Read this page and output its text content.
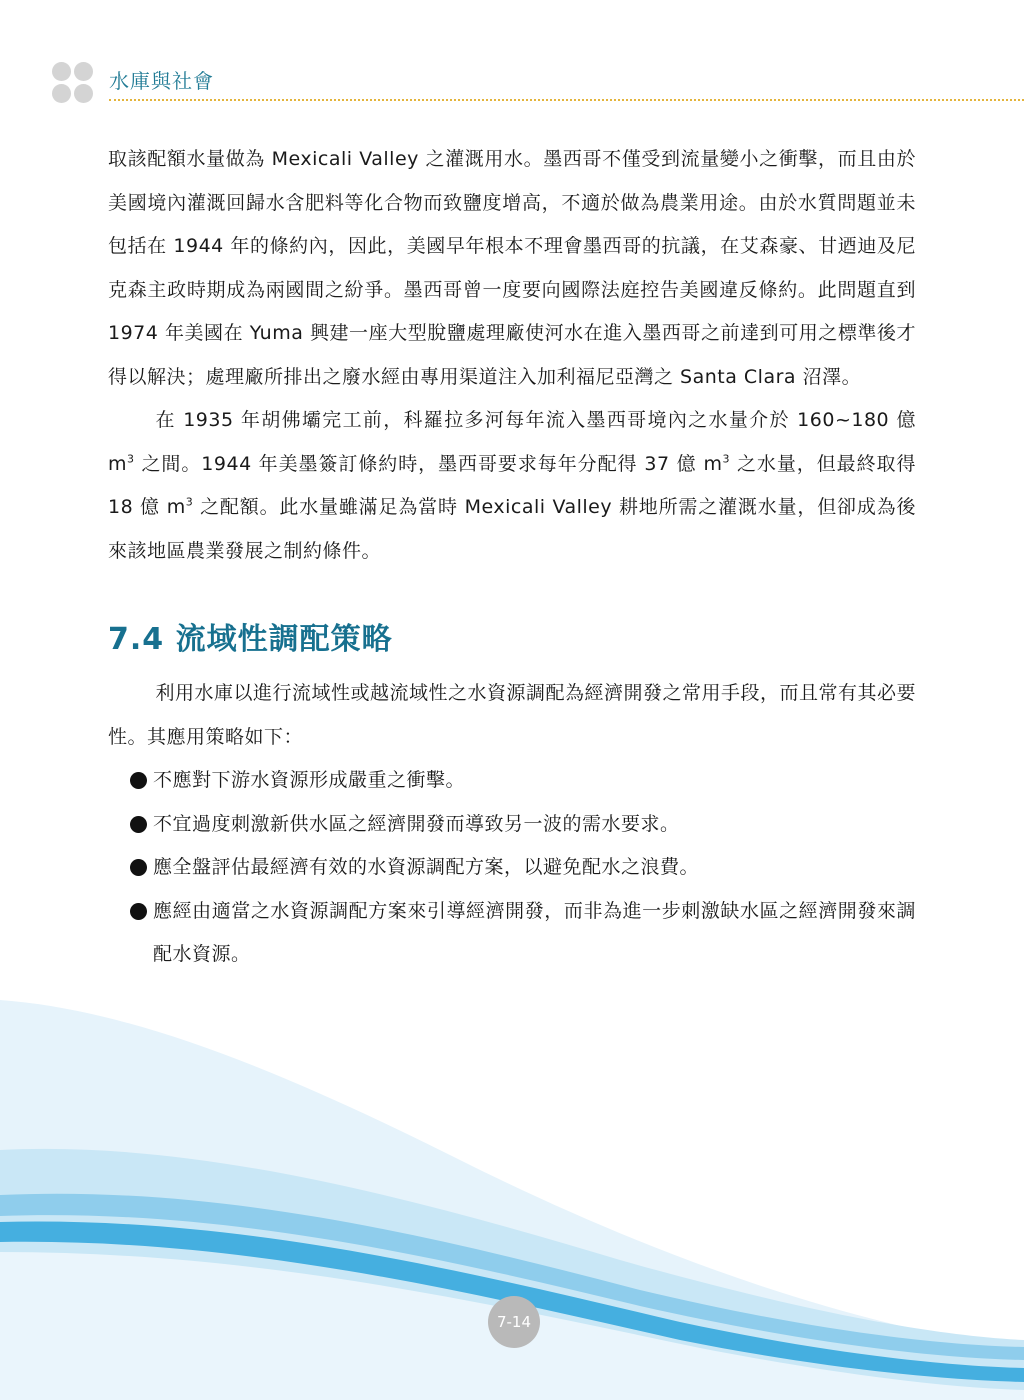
水庫與社會

取該配額水量做為 Mexicali Valley 之灌溉用水。墨西哥不僅受到流量變小之衝擊，而且由於美國境內灌溉回歸水含肥料等化合物而致鹽度增高，不適於做為農業用途。由於水質問題並未包括在 1944 年的條約內，因此，美國早年根本不理會墨西哥的抗議，在艾森豪、甘迺迪及尼克森主政時期成為兩國間之紛爭。墨西哥曾一度要向國際法庭控告美國違反條約。此問題直到 1974 年美國在 Yuma 興建一座大型脫鹽處理廠使河水在進入墨西哥之前達到可用之標準後才得以解決；處理廠所排出之廢水經由專用渠道注入加利福尼亞灣之 Santa Clara 沼澤。

在 1935 年胡佛壩完工前，科羅拉多河每年流入墨西哥境內之水量介於 160~180 億 $m^3$ 之間。1944 年美墨簽訂條約時，墨西哥要求每年分配得 37 億 $m^3$ 之水量，但最終取得 18 億 $m^3$ 之配額。此水量雖滿足為當時 Mexicali Valley 耕地所需之灌溉水量，但卻成為後來該地區農業發展之制約條件。

7.4 流域性調配策略

利用水庫以進行流域性或越流域性之水資源調配為經濟開發之常用手段，而且常有其必要性。其應用策略如下：

不應對下游水資源形成嚴重之衝擊。
不宜過度刺激新供水區之經濟開發而導致另一波的需水要求。
應全盤評估最經濟有效的水資源調配方案，以避免配水之浪費。
應經由適當之水資源調配方案來引導經濟開發，而非為進一步刺激缺水區之經濟開發來調配水資源。
7-14
